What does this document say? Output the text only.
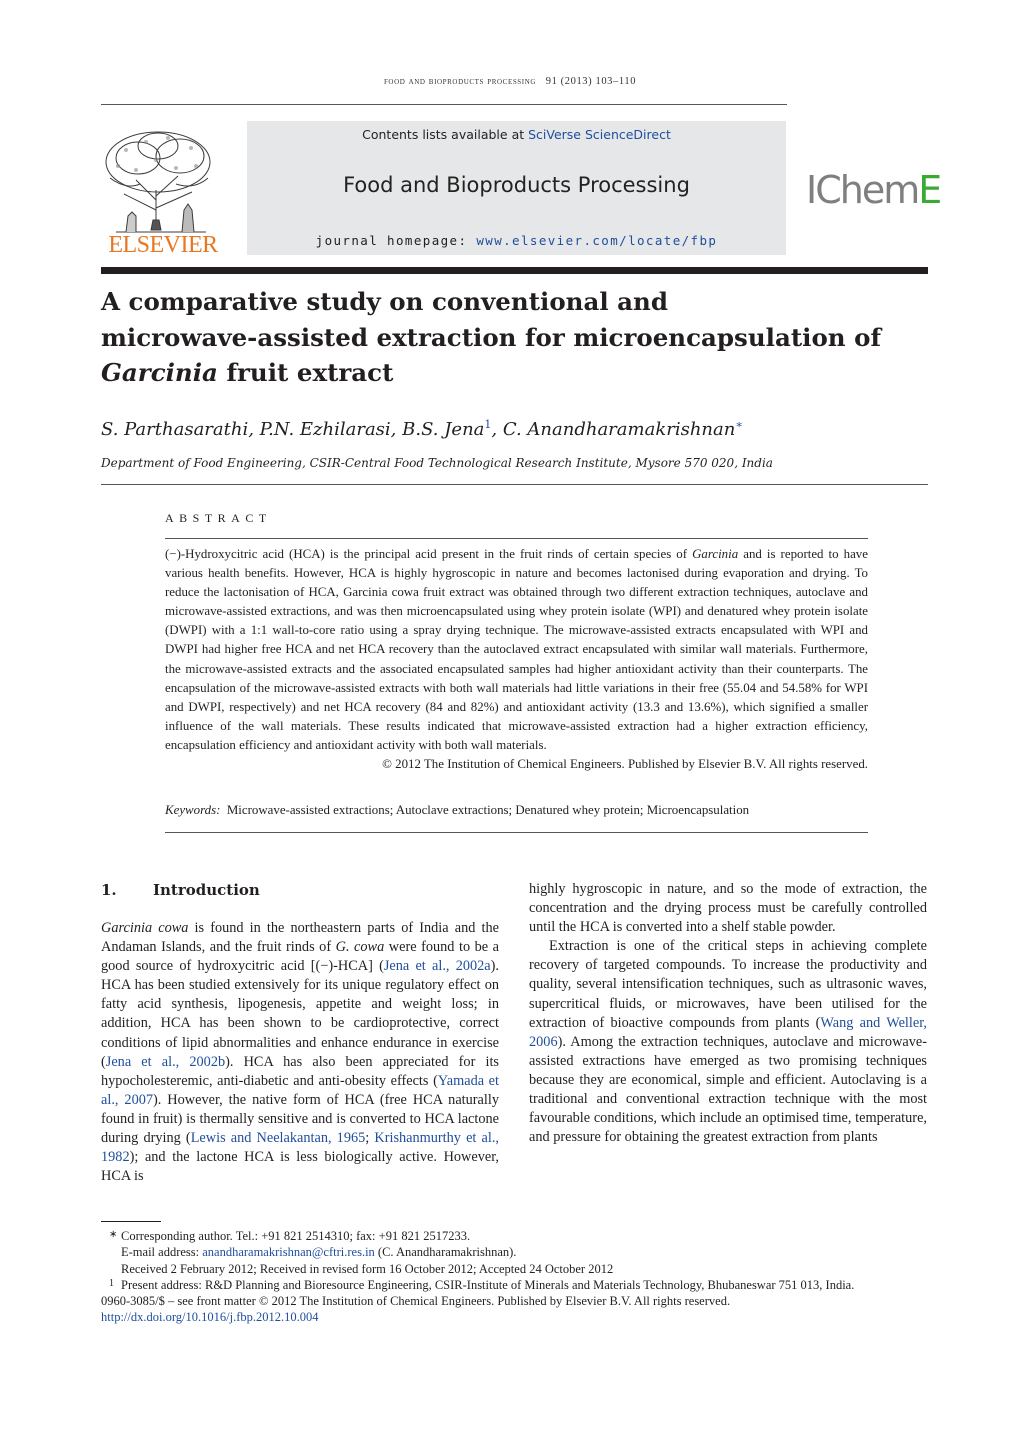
food and bioproducts processing 91 (2013) 103–110
ELSEVIER
Contents lists available at SciVerse ScienceDirect
Food and Bioproducts Processing
journal homepage: www.elsevier.com/locate/fbp
IChemE
A comparative study on conventional and
microwave-assisted extraction for microencapsulation of
Garcinia fruit extract
S. Parthasarathi, P.N. Ezhilarasi, B.S. Jena$^1$, C. Anandharamakrishnan∗
Department of Food Engineering, CSIR-Central Food Technological Research Institute, Mysore 570 020, India
ABSTRACT

(−)-Hydroxycitric acid (HCA) is the principal acid present in the fruit rinds of certain species of Garcinia and is reported to have various health benefits. However, HCA is highly hygroscopic in nature and becomes lactonised during evaporation and drying. To reduce the lactonisation of HCA, Garcinia cowa fruit extract was obtained through two different extraction techniques, autoclave and microwave-assisted extractions, and was then microencapsulated using whey protein isolate (WPI) and denatured whey protein isolate (DWPI) with a 1:1 wall-to-core ratio using a spray drying technique. The microwave-assisted extracts encapsulated with WPI and DWPI had higher free HCA and net HCA recovery than the autoclaved extract encapsulated with similar wall materials. Furthermore, the microwave-assisted extracts and the associated encapsulated samples had higher antioxidant activity than their counterparts. The encapsulation of the microwave-assisted extracts with both wall materials had little variations in their free (55.04 and 54.58% for WPI and DWPI, respectively) and net HCA recovery (84 and 82%) and antioxidant activity (13.3 and 13.6%), which signified a smaller influence of the wall materials. These results indicated that microwave-assisted extraction had a higher extraction efficiency, encapsulation efficiency and antioxidant activity with both wall materials.

© 2012 The Institution of Chemical Engineers. Published by Elsevier B.V. All rights reserved.

Keywords: Microwave-assisted extractions; Autoclave extractions; Denatured whey protein; Microencapsulation
1. Introduction

Garcinia cowa is found in the northeastern parts of India and the Andaman Islands, and the fruit rinds of G. cowa were found to be a good source of hydroxycitric acid [(−)-HCA] (Jena et al., 2002a). HCA has been studied extensively for its unique regulatory effect on fatty acid synthesis, lipogenesis, appetite and weight loss; in addition, HCA has been shown to be cardioprotective, correct conditions of lipid abnormalities and enhance endurance in exercise (Jena et al., 2002b). HCA has also been appreciated for its hypocholesteremic, anti-diabetic and anti-obesity effects (Yamada et al., 2007). However, the native form of HCA (free HCA naturally found in fruit) is thermally sensitive and is converted to HCA lactone during drying (Lewis and Neelakantan, 1965; Krishanmurthy et al., 1982); and the lactone HCA is less biologically active. However, HCA is

highly hygroscopic in nature, and so the mode of extraction, the concentration and the drying process must be carefully controlled until the HCA is converted into a shelf stable powder.

Extraction is one of the critical steps in achieving complete recovery of targeted compounds. To increase the productivity and quality, several intensification techniques, such as ultrasonic waves, supercritical fluids, or microwaves, have been utilised for the extraction of bioactive compounds from plants (Wang and Weller, 2006). Among the extraction techniques, autoclave and microwave-assisted extractions have emerged as two promising techniques because they are economical, simple and efficient. Autoclaving is a traditional and conventional extraction technique with the most favourable conditions, which include an optimised time, temperature, and pressure for obtaining the greatest extraction from plants

∗ Corresponding author. Tel.: +91 821 2514310; fax: +91 821 2517233.
E-mail address: anandharamakrishnan@cftri.res.in (C. Anandharamakrishnan).
Received 2 February 2012; Received in revised form 16 October 2012; Accepted 24 October 2012
1 Present address: R&D Planning and Bioresource Engineering, CSIR-Institute of Minerals and Materials Technology, Bhubaneswar 751 013, India.
0960-3085/$ – see front matter © 2012 The Institution of Chemical Engineers. Published by Elsevier B.V. All rights reserved.
http://dx.doi.org/10.1016/j.fbp.2012.10.004
